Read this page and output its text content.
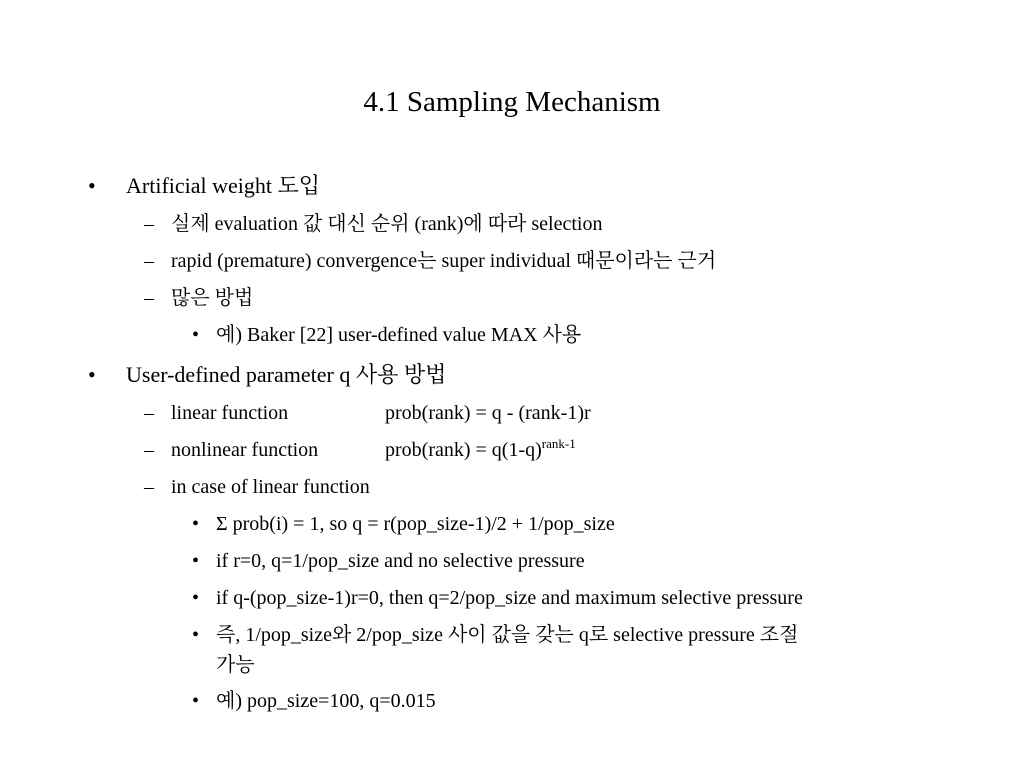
4.1 Sampling Mechanism
• Artificial weight 도입
– 실제 evaluation 값 대신 순위 (rank)에 따라 selection
– rapid (premature) convergence는 super individual 때문이라는 근거
– 많은 방법
• 예) Baker [22] user-defined value MAX 사용
• User-defined parameter q 사용 방법
– linear function	prob(rank) = q - (rank-1)r
– nonlinear function	prob(rank) = $q(1-q)^{rank-1}$
– in case of linear function
• Σ prob(i) = 1, so q = r(pop_size-1)/2 + 1/pop_size
• if r=0, q=1/pop_size and no selective pressure
• if q-(pop_size-1)r=0, then q=2/pop_size and maximum selective pressure
• 즉, 1/pop_size와 2/pop_size 사이 값을 갖는 q로 selective pressure 조절
가능
• 예) pop_size=100, q=0.015
